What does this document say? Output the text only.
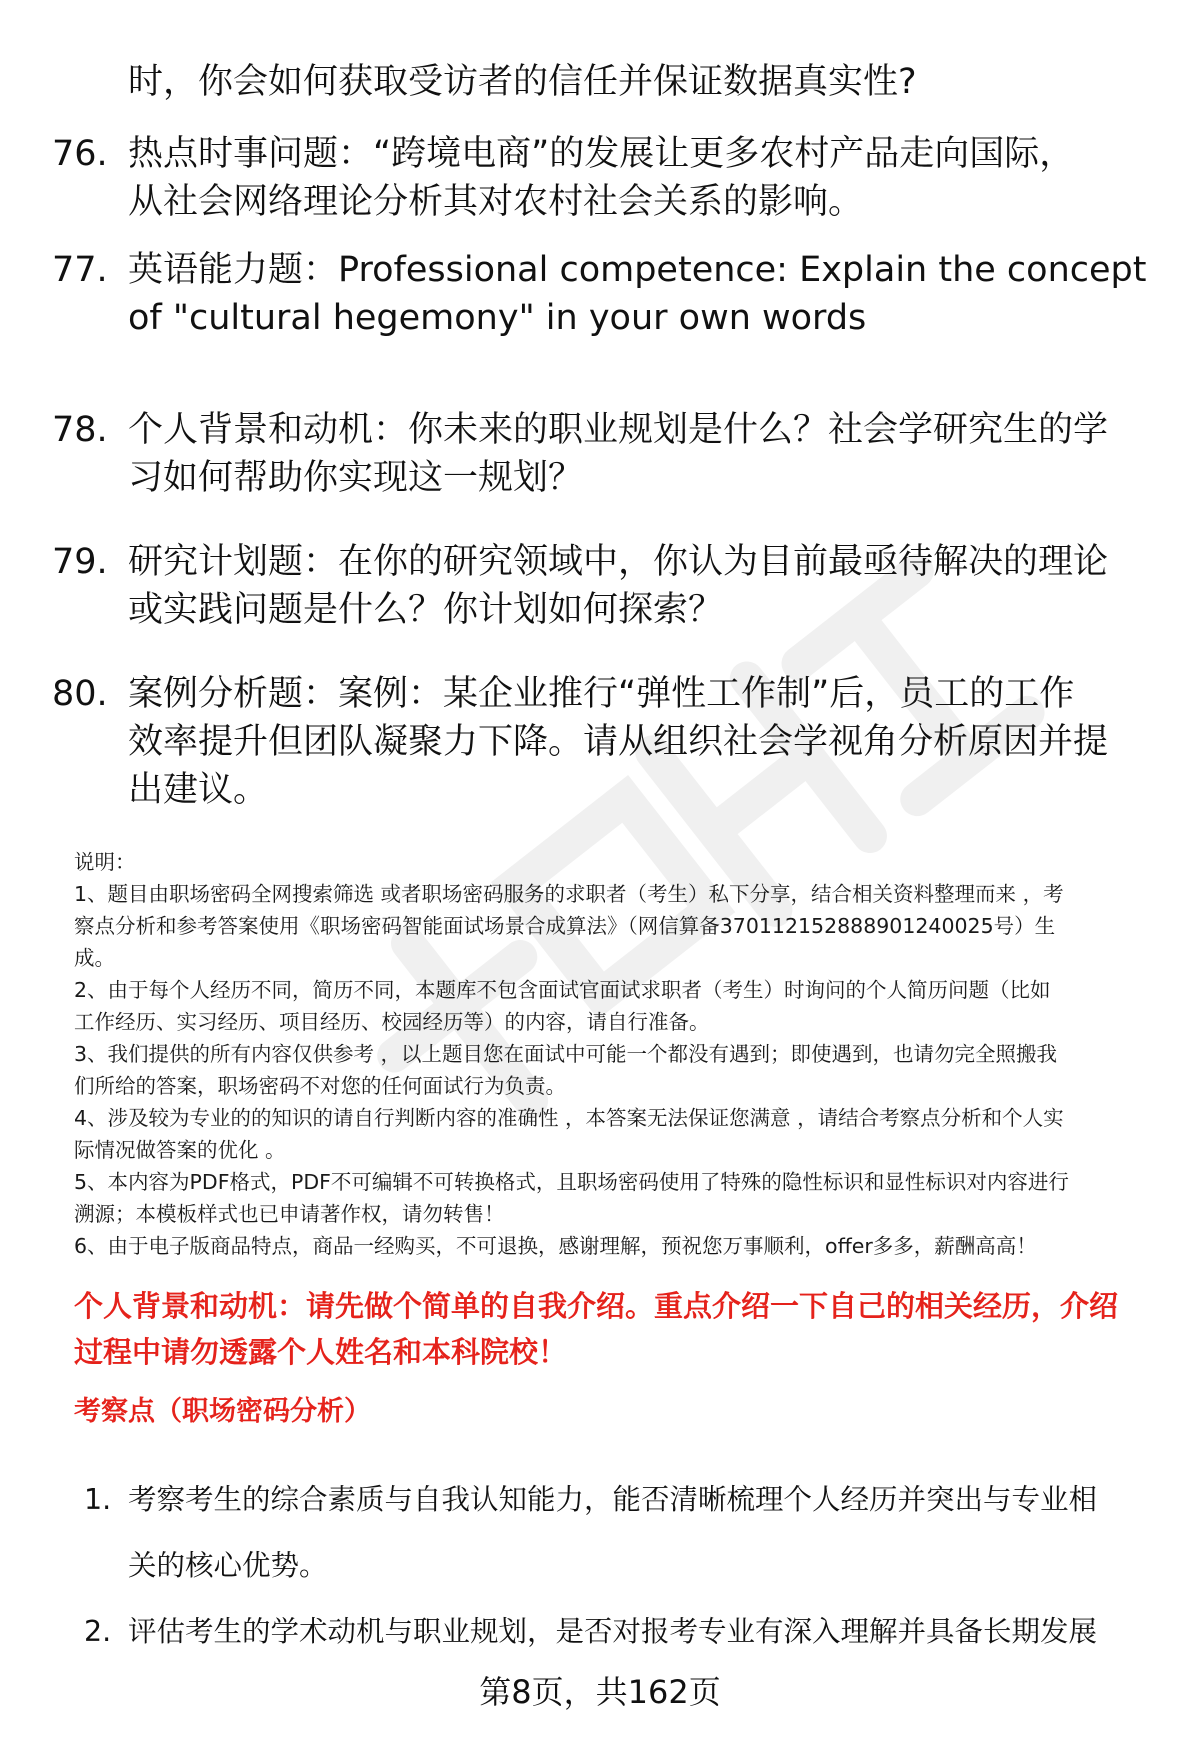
时，你会如何获取受访者的信任并保证数据真实性?
76. 热点时事问题：“跨境电商”的发展让更多农村产品走向国际，
从社会网络理论分析其对农村社会关系的影响。
77. 英语能力题：Professional competence: Explain the concept
of "cultural hegemony" in your own words
78. 个人背景和动机：你未来的职业规划是什么？社会学研究生的学
习如何帮助你实现这一规划？
79. 研究计划题：在你的研究领域中，你认为目前最亟待解决的理论
或实践问题是什么？你计划如何探索？
80. 案例分析题：案例：某企业推行“弹性工作制”后，员工的工作
效率提升但团队凝聚力下降。请从组织社会学视角分析原因并提
出建议。
说明：
1、题目由职场密码全网搜索筛选 或者职场密码服务的求职者（考生）私下分享，结合相关资料整理而来 ，考
察点分析和参考答案使用《职场密码智能面试场景合成算法》（网信算备370112152888901240025号）生
成。
2、由于每个人经历不同，简历不同，本题库不包含面试官面试求职者（考生）时询问的个人简历问题（比如
工作经历、实习经历、项目经历、校园经历等）的内容，请自行准备。
3、我们提供的所有内容仅供参考 ，以上题目您在面试中可能一个都没有遇到；即使遇到，也请勿完全照搬我
们所给的答案，职场密码不对您的任何面试行为负责。
4、涉及较为专业的的知识的请自行判断内容的准确性 ，本答案无法保证您满意 ，请结合考察点分析和个人实
际情况做答案的优化 。
5、本内容为PDF格式，PDF不可编辑不可转换格式，且职场密码使用了特殊的隐性标识和显性标识对内容进行
溯源；本模板样式也已申请著作权，请勿转售！
6、由于电子版商品特点，商品一经购买，不可退换，感谢理解，预祝您万事顺利，offer多多，薪酬高高！
个人背景和动机：请先做个简单的自我介绍。重点介绍一下自己的相关经历，介绍
过程中请勿透露个人姓名和本科院校！
考察点（职场密码分析）
1. 考察考生的综合素质与自我认知能力，能否清晰梳理个人经历并突出与专业相
关的核心优势。
2. 评估考生的学术动机与职业规划，是否对报考专业有深入理解并具备长期发展
第8页，共162页
